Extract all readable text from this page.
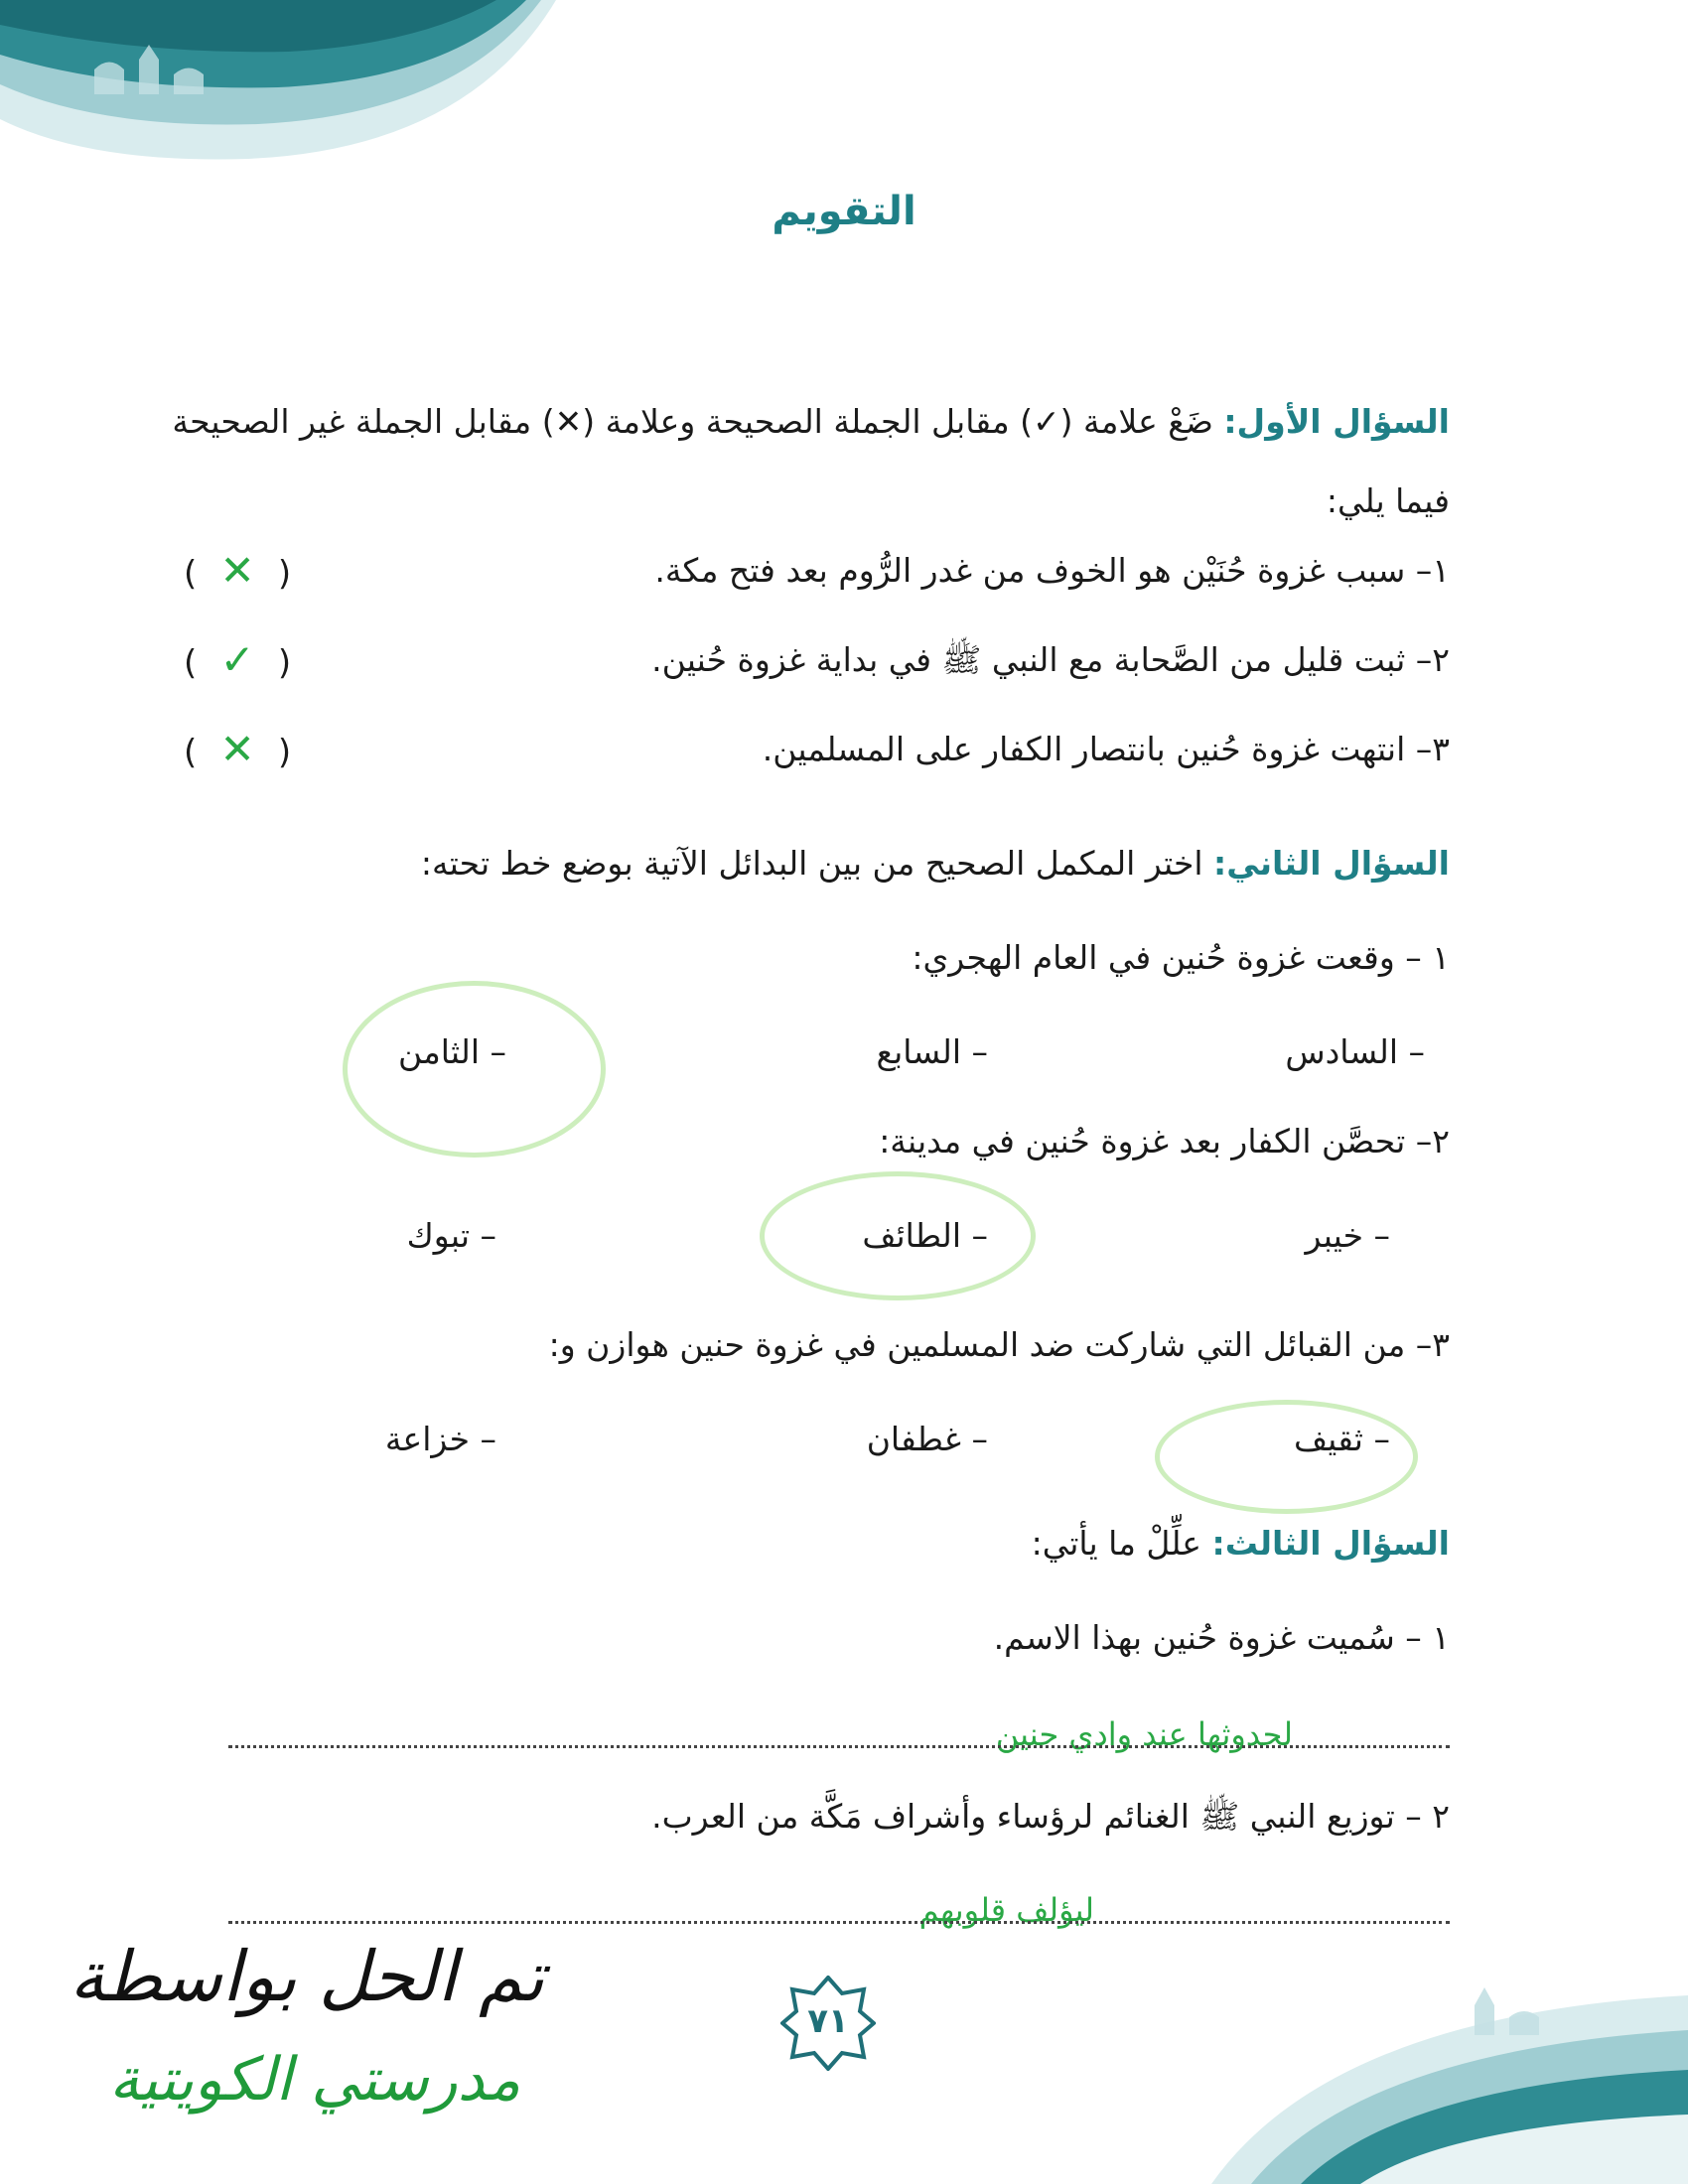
التقويم
السؤال الأول: ضَعْ علامة (✓) مقابل الجملة الصحيحة وعلامة (✕) مقابل الجملة غير الصحيحة فيما يلي:
١– سبب غزوة حُنَيْن هو الخوف من غدر الرُّوم بعد فتح مكة.
( ✕ )
٢– ثبت قليل من الصَّحابة مع النبي ﷺ في بداية غزوة حُنين.
( ✓ )
٣– انتهت غزوة حُنين بانتصار الكفار على المسلمين.
( ✕ )
السؤال الثاني: اختر المكمل الصحيح من بين البدائل الآتية بوضع خط تحته:
١ – وقعت غزوة حُنين في العام الهجري:
– السادس
– السابع
– الثامن
٢– تحصَّن الكفار بعد غزوة حُنين في مدينة:
– خيبر
– الطائف
– تبوك
٣– من القبائل التي شاركت ضد المسلمين في غزوة حنين هوازن و:
– ثقيف
– غطفان
– خزاعة
السؤال الثالث: علِّلْ ما يأتي:
١ – سُميت غزوة حُنين بهذا الاسم.
لحدوثها عند وادي حنين
٢ – توزيع النبي ﷺ الغنائم لرؤساء وأشراف مَكَّة من العرب.
ليؤلف قلوبهم
٧١
تم الحل بواسطة
مدرستي الكويتية
